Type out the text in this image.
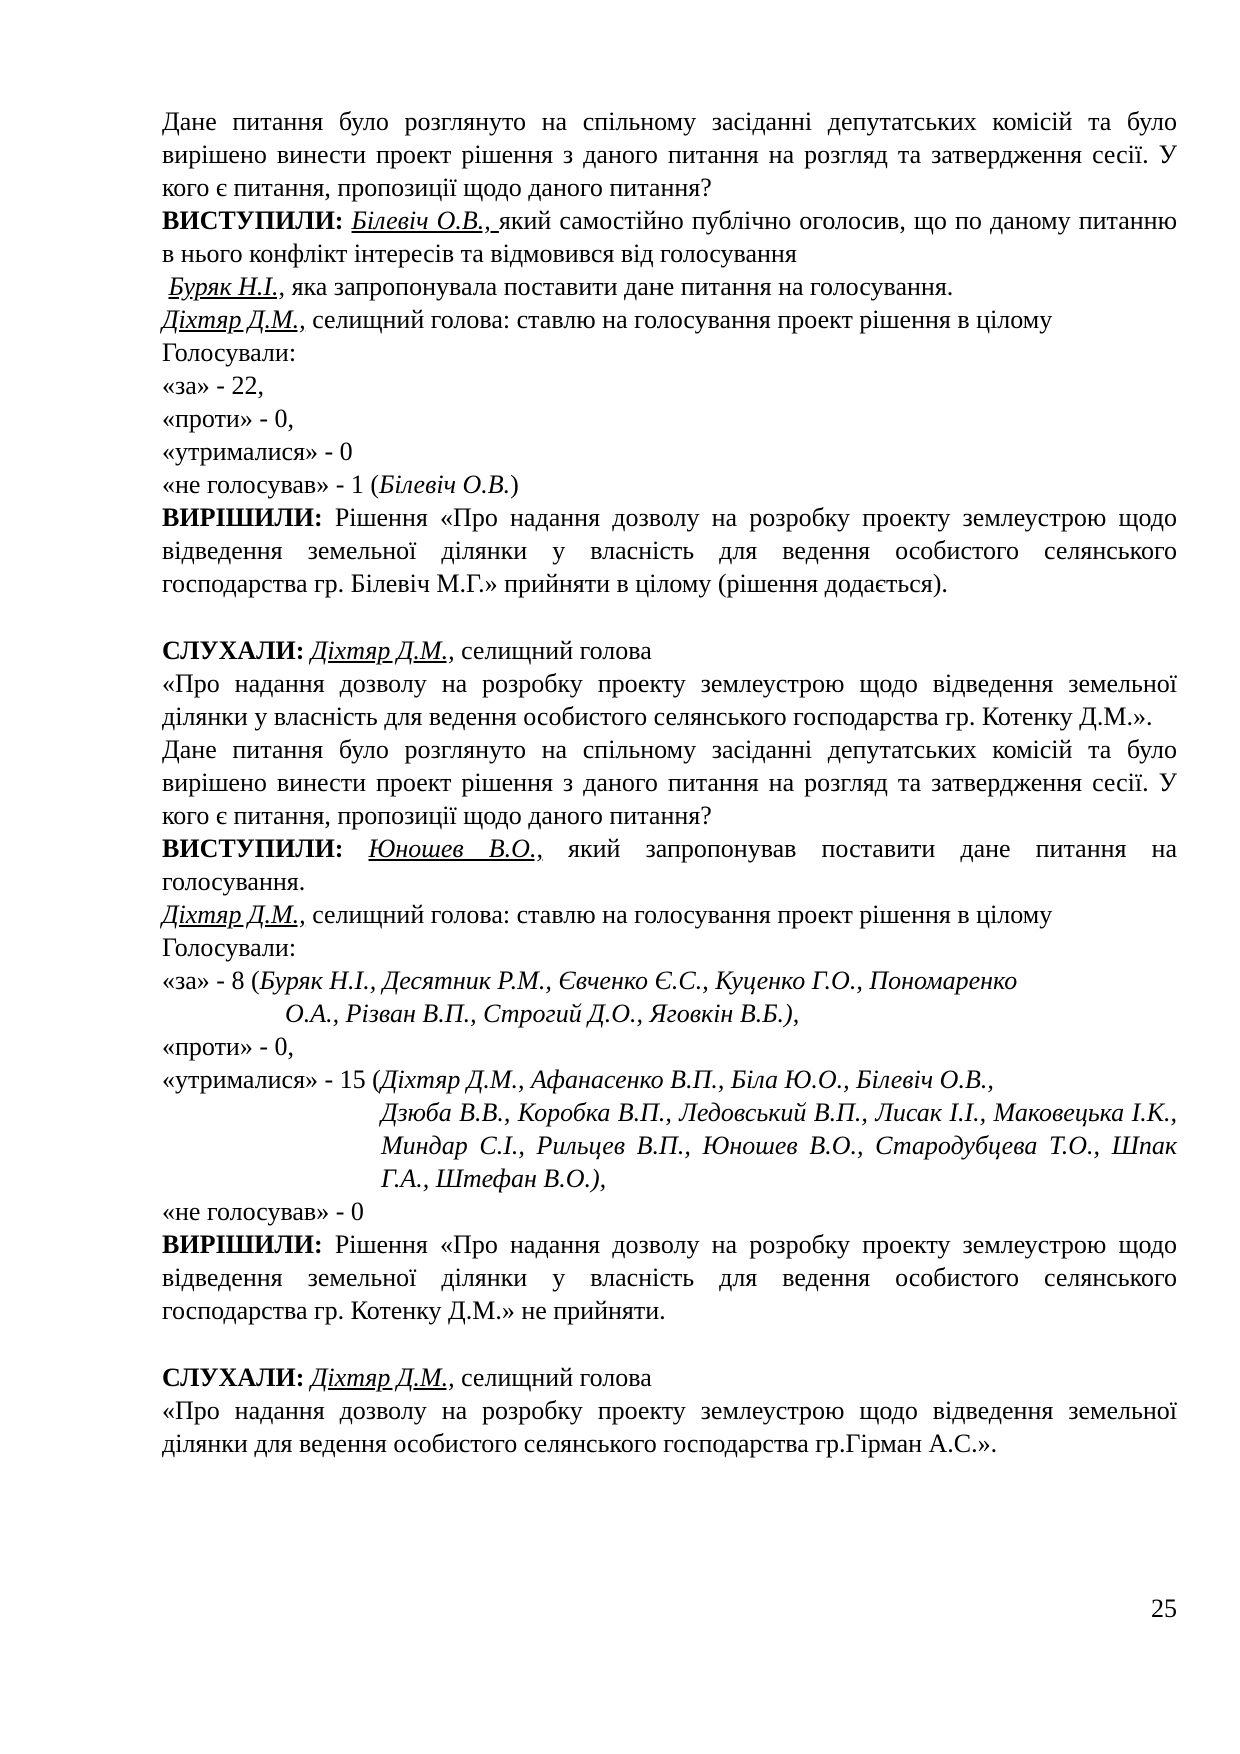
Дане питання було розглянуто на спільному засіданні депутатських комісій та було вирішено винести проект рішення з даного питання на розгляд та затвердження сесії. У кого є питання, пропозиції щодо даного питання?

ВИСТУПИЛИ: Білевіч О.В., який самостійно публічно оголосив, що по даному питанню в нього конфлікт інтересів та відмовився від голосування

Буряк Н.І., яка запропонувала поставити дане питання на голосування.

Діхтяр Д.М., селищний голова: ставлю на голосування проект рішення в цілому

Голосували:

«за» - 22,

«проти» - 0,

«утрималися» - 0

«не голосував» - 1 (Білевіч О.В.)

ВИРІШИЛИ: Рішення «Про надання дозволу на розробку проекту землеустрою щодо відведення земельної ділянки у власність для ведення особистого селянського господарства гр. Білевіч М.Г.» прийняти в цілому (рішення додається).

СЛУХАЛИ: Діхтяр Д.М., селищний голова

«Про надання дозволу на розробку проекту землеустрою щодо відведення земельної ділянки у власність для ведення особистого селянського господарства гр. Котенку Д.М.».

Дане питання було розглянуто на спільному засіданні депутатських комісій та було вирішено винести проект рішення з даного питання на розгляд та затвердження сесії. У кого є питання, пропозиції щодо даного питання?

ВИСТУПИЛИ: Юношев В.О., який запропонував поставити дане питання на голосування.

Діхтяр Д.М., селищний голова: ставлю на голосування проект рішення в цілому

Голосували:

«за» - 8 ( Буряк Н.І., Десятник Р.М., Євченко Є.С., Куценко Г.О., Пономаренко
О.А., Різван В.П., Строгий Д.О., Яговкін В.Б.),

«проти» - 0,

«утрималися» - 15 ( Діхтяр Д.М., Афанасенко В.П., Біла Ю.О., Білевіч О.В.,
Дзюба В.В., Коробка В.П., Ледовський В.П., Лисак І.І., Маковецька І.К., Миндар С.І., Рильцев В.П., Юношев В.О., Стародубцева Т.О., Шпак Г.А., Штефан В.О.),

«не голосував» - 0

ВИРІШИЛИ: Рішення «Про надання дозволу на розробку проекту землеустрою щодо відведення земельної ділянки у власність для ведення особистого селянського господарства гр. Котенку Д.М.» не прийняти.

СЛУХАЛИ: Діхтяр Д.М., селищний голова

«Про надання дозволу на розробку проекту землеустрою щодо відведення земельної ділянки для ведення особистого селянського господарства гр.Гірман А.С.».

25
